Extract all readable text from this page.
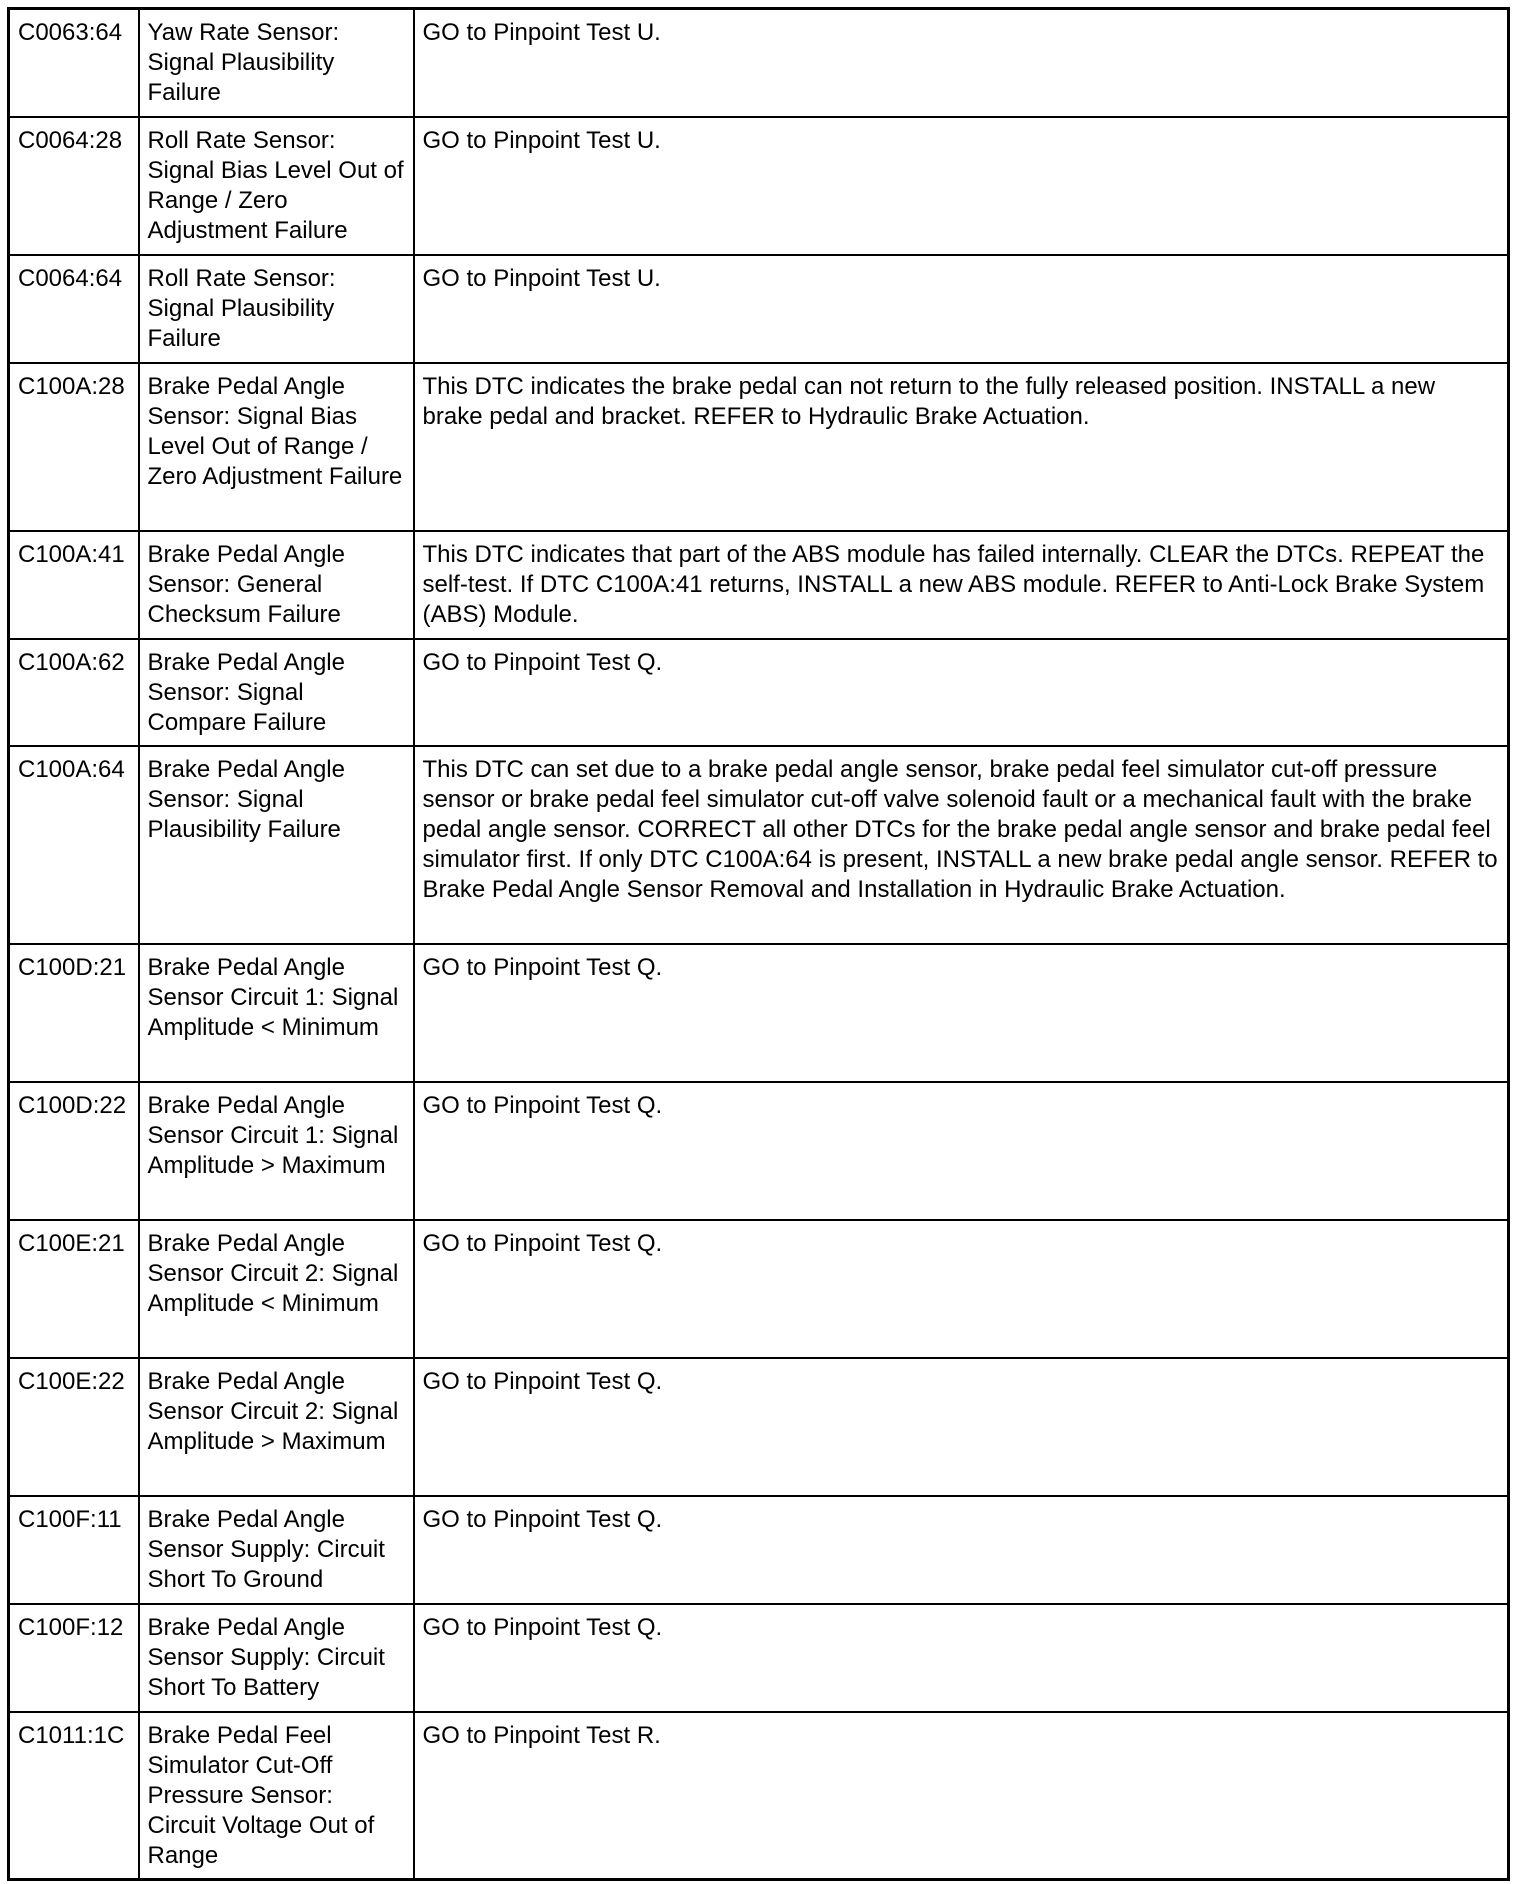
C0063:64	Yaw Rate Sensor: Signal Plausibility Failure	GO to Pinpoint Test U.
C0064:28	Roll Rate Sensor: Signal Bias Level Out of Range / Zero Adjustment Failure	GO to Pinpoint Test U.
C0064:64	Roll Rate Sensor: Signal Plausibility Failure	GO to Pinpoint Test U.
C100A:28	Brake Pedal Angle Sensor: Signal Bias Level Out of Range / Zero Adjustment Failure	This DTC indicates the brake pedal can not return to the fully released position. INSTALL a new brake pedal and bracket. REFER to Hydraulic Brake Actuation.
C100A:41	Brake Pedal Angle Sensor: General Checksum Failure	This DTC indicates that part of the ABS module has failed internally. CLEAR the DTCs. REPEAT the self-test. If DTC C100A:41 returns, INSTALL a new ABS module. REFER to Anti-Lock Brake System (ABS) Module.
C100A:62	Brake Pedal Angle Sensor: Signal Compare Failure	GO to Pinpoint Test Q.
C100A:64	Brake Pedal Angle Sensor: Signal Plausibility Failure	This DTC can set due to a brake pedal angle sensor, brake pedal feel simulator cut-off pressure sensor or brake pedal feel simulator cut-off valve solenoid fault or a mechanical fault with the brake pedal angle sensor. CORRECT all other DTCs for the brake pedal angle sensor and brake pedal feel simulator first. If only DTC C100A:64 is present, INSTALL a new brake pedal angle sensor. REFER to Brake Pedal Angle Sensor Removal and Installation in Hydraulic Brake Actuation.
C100D:21	Brake Pedal Angle Sensor Circuit 1: Signal Amplitude < Minimum	GO to Pinpoint Test Q.
C100D:22	Brake Pedal Angle Sensor Circuit 1: Signal Amplitude > Maximum	GO to Pinpoint Test Q.
C100E:21	Brake Pedal Angle Sensor Circuit 2: Signal Amplitude < Minimum	GO to Pinpoint Test Q.
C100E:22	Brake Pedal Angle Sensor Circuit 2: Signal Amplitude > Maximum	GO to Pinpoint Test Q.
C100F:11	Brake Pedal Angle Sensor Supply: Circuit Short To Ground	GO to Pinpoint Test Q.
C100F:12	Brake Pedal Angle Sensor Supply: Circuit Short To Battery	GO to Pinpoint Test Q.
C1011:1C	Brake Pedal Feel Simulator Cut-Off Pressure Sensor: Circuit Voltage Out of Range	GO to Pinpoint Test R.
